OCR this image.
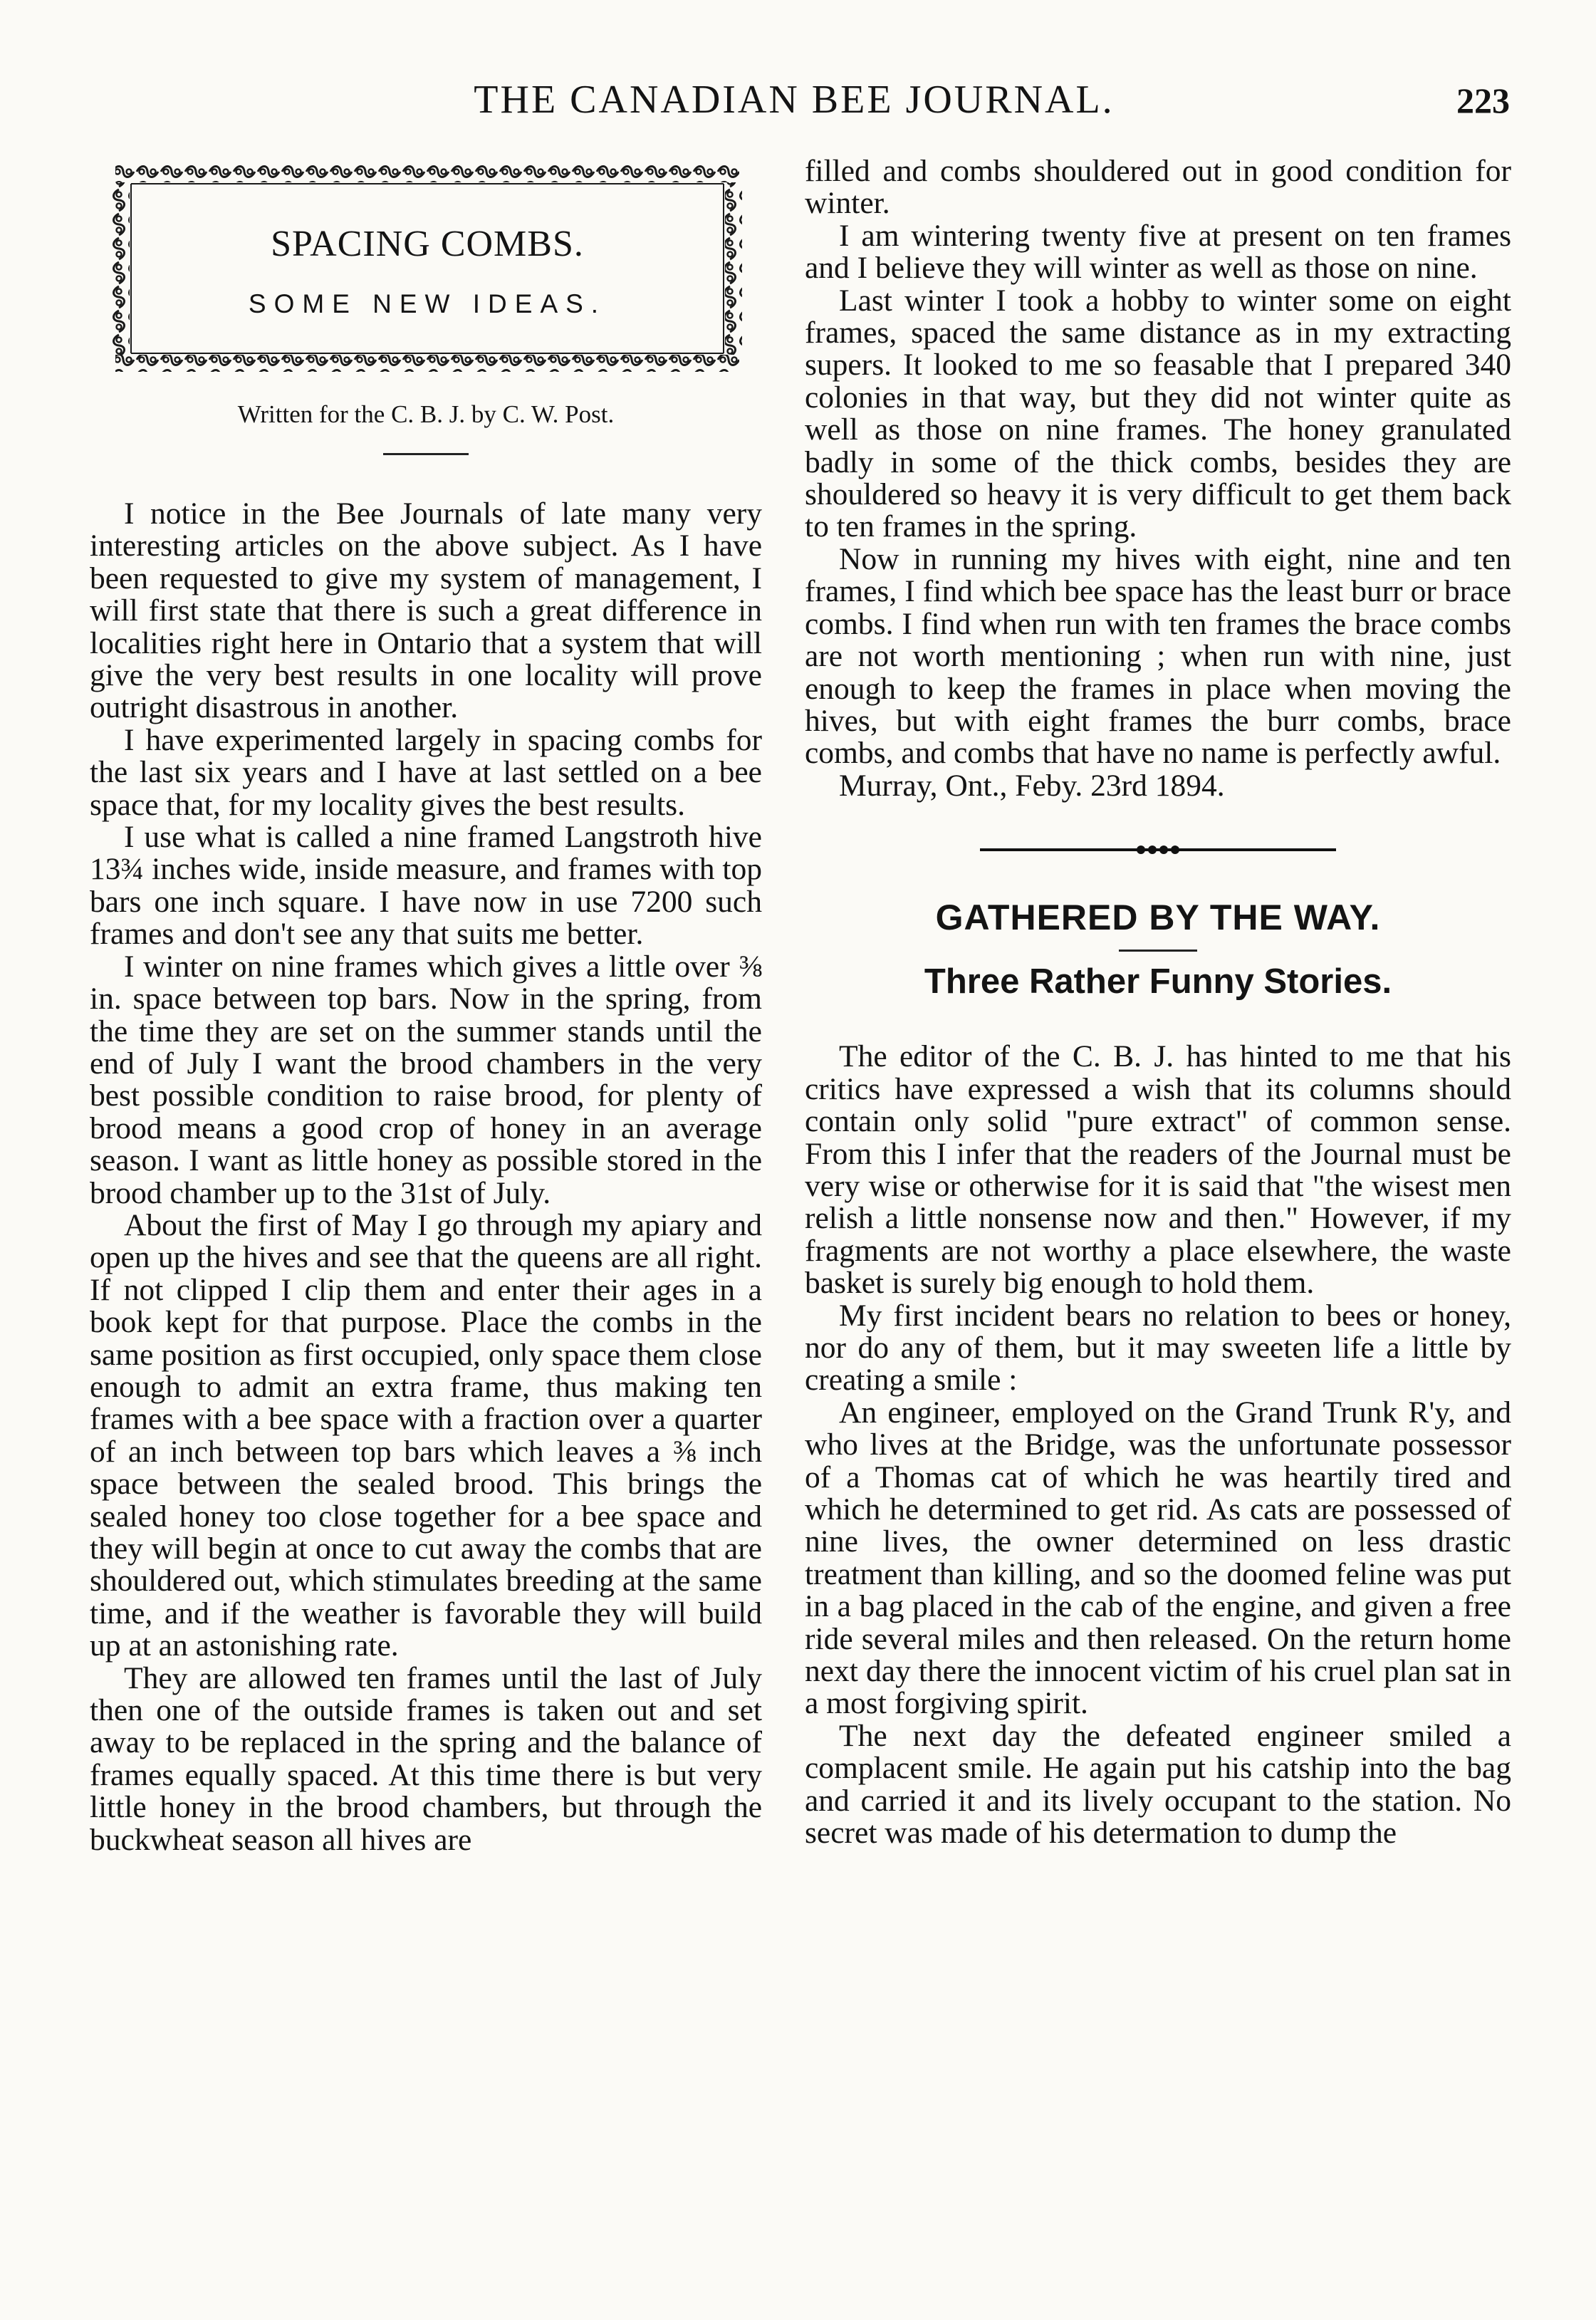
THE CANADIAN BEE JOURNAL.	223
SPACING COMBS.
SOME NEW IDEAS.
Written for the C. B. J. by C. W. Post.

I notice in the Bee Journals of late many very interesting articles on the above subject. As I have been requested to give my system of management, I will first state that there is such a great difference in localities right here in Ontario that a system that will give the very best results in one locality will prove outright disastrous in another.

I have experimented largely in spacing combs for the last six years and I have at last settled on a bee space that, for my locality gives the best results.

I use what is called a nine framed Langstroth hive 13¾ inches wide, inside measure, and frames with top bars one inch square. I have now in use 7200 such frames and don't see any that suits me better.

I winter on nine frames which gives a little over ⅜ in. space between top bars. Now in the spring, from the time they are set on the summer stands until the end of July I want the brood chambers in the very best possible condition to raise brood, for plenty of brood means a good crop of honey in an average season. I want as little honey as possible stored in the brood chamber up to the 31st of July.

About the first of May I go through my apiary and open up the hives and see that the queens are all right. If not clipped I clip them and enter their ages in a book kept for that purpose. Place the combs in the same position as first occupied, only space them close enough to admit an extra frame, thus making ten frames with a bee space with a fraction over a quarter of an inch between top bars which leaves a ⅜ inch space between the sealed brood. This brings the sealed honey too close together for a bee space and they will begin at once to cut away the combs that are shouldered out, which stimulates breeding at the same time, and if the weather is favorable they will build up at an astonishing rate.

They are allowed ten frames until the last of July then one of the outside frames is taken out and set away to be replaced in the spring and the balance of frames equally spaced. At this time there is but very little honey in the brood chambers, but through the buckwheat season all hives are

filled and combs shouldered out in good condition for winter.

I am wintering twenty five at present on ten frames and I believe they will winter as well as those on nine.

Last winter I took a hobby to winter some on eight frames, spaced the same distance as in my extracting supers. It looked to me so feasable that I prepared 340 colonies in that way, but they did not winter quite as well as those on nine frames. The honey granulated badly in some of the thick combs, besides they are shouldered so heavy it is very difficult to get them back to ten frames in the spring.

Now in running my hives with eight, nine and ten frames, I find which bee space has the least burr or brace combs. I find when run with ten frames the brace combs are not worth mentioning ; when run with nine, just enough to keep the frames in place when moving the hives, but with eight frames the burr combs, brace combs, and combs that have no name is perfectly awful.

Murray, Ont., Feby. 23rd 1894.

GATHERED BY THE WAY.
Three Rather Funny Stories.

The editor of the C. B. J. has hinted to me that his critics have expressed a wish that its columns should contain only solid "pure extract" of common sense. From this I infer that the readers of the Journal must be very wise or otherwise for it is said that "the wisest men relish a little nonsense now and then." However, if my fragments are not worthy a place elsewhere, the waste basket is surely big enough to hold them.

My first incident bears no relation to bees or honey, nor do any of them, but it may sweeten life a little by creating a smile :

An engineer, employed on the Grand Trunk R'y, and who lives at the Bridge, was the unfortunate possessor of a Thomas cat of which he was heartily tired and which he determined to get rid. As cats are possessed of nine lives, the owner determined on less drastic treatment than killing, and so the doomed feline was put in a bag placed in the cab of the engine, and given a free ride several miles and then released. On the return home next day there the innocent victim of his cruel plan sat in a most forgiving spirit.

The next day the defeated engineer smiled a complacent smile. He again put his catship into the bag and carried it and its lively occupant to the station. No secret was made of his determation to dump the
